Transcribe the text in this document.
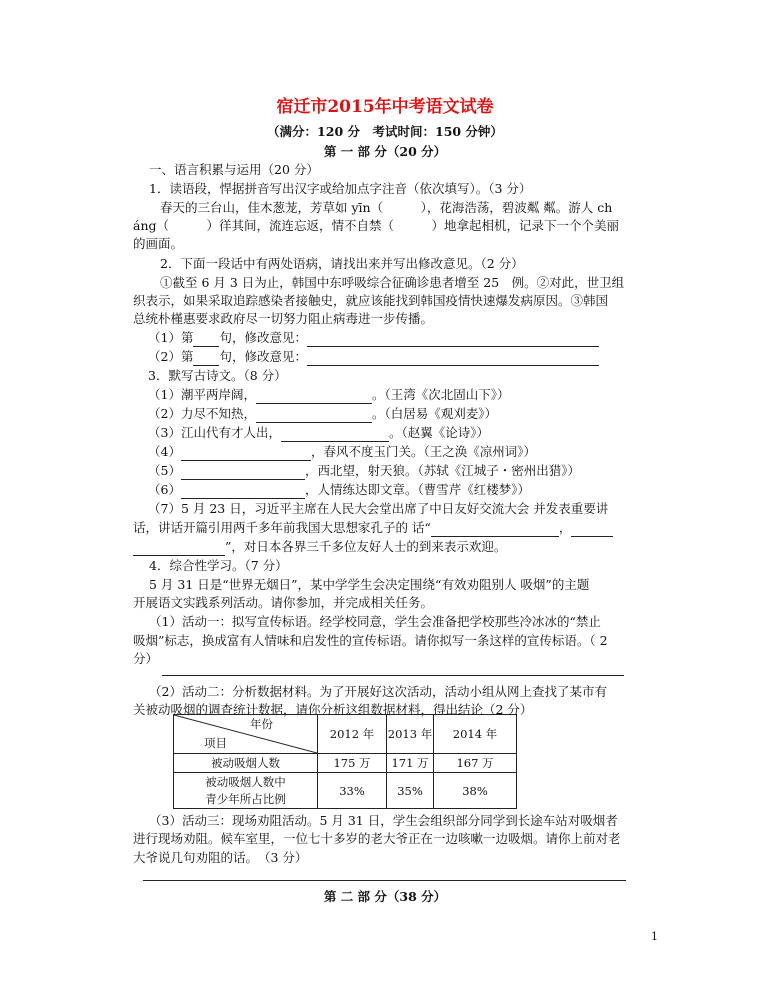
宿迁市2015年中考语文试卷
（满分：120 分　考试时间：150 分钟）
第 一 部 分（20 分）
一、语言积累与运用（20 分）
1．读语段，悍据拼音写出汉字或给加点字注音（依次填写）。（3 分）
春天的三台山，佳木葱茏，芳草如 yīn（　　　），花海浩荡，碧波粼 粼。游人 ch
áng（　　　）徉其间，流连忘返，情不自禁（　　　）地拿起相机，记录下一个个美丽
的画面。
2．下面一段话中有两处语病，请找出来并写出修改意见。（2 分）
①截至 6 月 3 日为止，韩国中东呼吸综合征确诊患者增至 25　例。②对此，世卫组
织表示，如果采取追踪感染者接触史，就应该能找到韩国疫情快速爆发病原因。③韩国
总统朴槿惠要求政府尽一切努力阻止病毒进一步传播。
（1）第 句，修改意见：
（2）第 句，修改意见：
3．默写古诗文。（8 分）
（1）潮平两岸阔，	。（王湾《次北固山下》）
（2）力尽不知热，	。（白居易《观刈麦》）
（3）江山代有才人出，	。（赵翼《论诗》）
（4）	，春风不度玉门关。（王之涣《凉州词》）
（5）	，西北望，射天狼。（苏轼《江城子・密州出猎》）
（6）	，人情练达即文章。（曹雪芹《红楼梦》）
（7）5 月 23 日，习近平主席在人民大会堂出席了中日友好交流大会 并发表重要讲
话，讲话开篇引用两千多年前我国大思想家孔子的 话“	，
”，对日本各界三千多位友好人士的到来表示欢迎。
4．综合性学习。（7 分）
5 月 31 日是“世界无烟日”，某中学学生会决定围绕“有效劝阻别人 吸烟”的主题
开展语文实践系列活动。请你参加，并完成相关任务。
（1）活动一：拟写宣传标语。经学校同意，学生会准备把学校那些冷冰冰的“禁止
吸烟”标志，换成富有人情味和启发性的宣传标语。请你拟写一条这样的宣传标语。（ 2
分）
（2）活动二：分析数据材料。为了开展好这次活动，活动小组从网上查找了某市有
关被动吸烟的调查统计数据，请你分析这组数据材料，得出结论（2 分）
年份
项目	2012 年	2013 年	2014 年
被动吸烟人数	175 万	171 万	167 万
被动吸烟人数中青少年所占比例	33%	35%	38%
（3）活动三：现场劝阻活动。5 月 31 日，学生会组织部分同学到长途车站对吸烟者
进行现场劝阻。候车室里，一位七十多岁的老大爷正在一边咳嗽一边吸烟。请你上前对老
大爷说几句劝阻的话。　（3 分）
第 二 部 分（38 分）
1
